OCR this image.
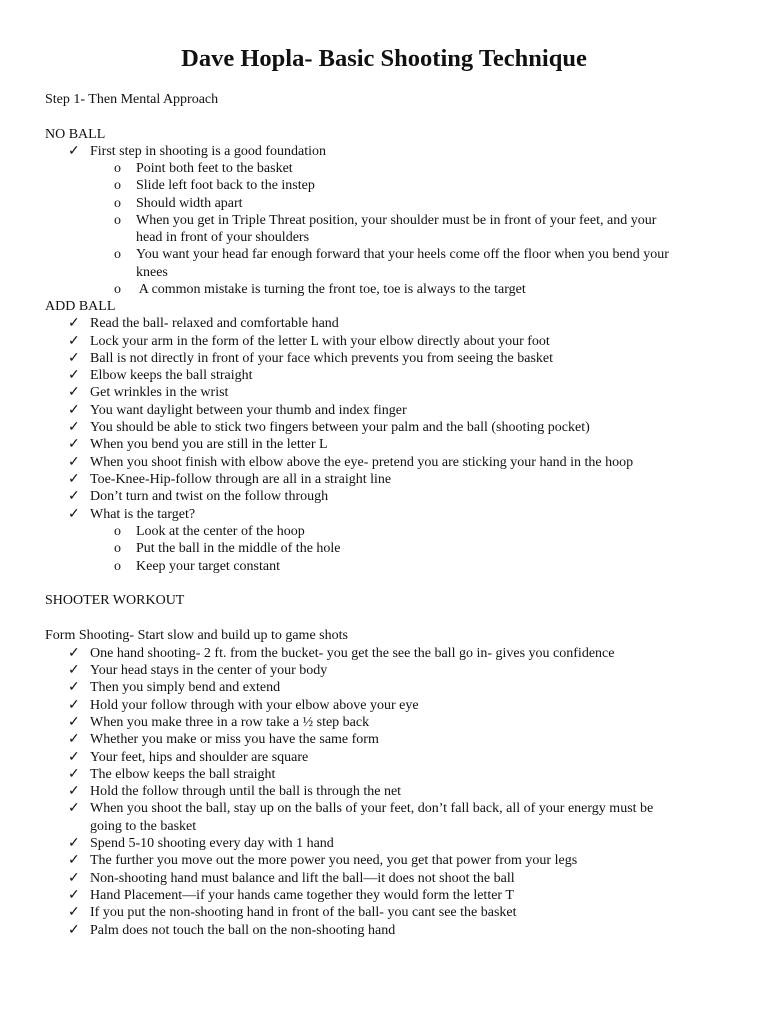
Dave Hopla- Basic Shooting Technique
Step 1- Then Mental Approach
NO BALL
✓ First step in shooting is a good foundation
o Point both feet to the basket
o Slide left foot back to the instep
o Should width apart
o When you get in Triple Threat position, your shoulder must be in front of your feet, and your
head in front of your shoulders
o You want your head far enough forward that your heels come off the floor when you bend your
knees
o A common mistake is turning the front toe, toe is always to the target
ADD BALL
✓ Read the ball- relaxed and comfortable hand
✓ Lock your arm in the form of the letter L with your elbow directly about your foot
✓ Ball is not directly in front of your face which prevents you from seeing the basket
✓ Elbow keeps the ball straight
✓ Get wrinkles in the wrist
✓ You want daylight between your thumb and index finger
✓ You should be able to stick two fingers between your palm and the ball (shooting pocket)
✓ When you bend you are still in the letter L
✓ When you shoot finish with elbow above the eye- pretend you are sticking your hand in the hoop
✓ Toe-Knee-Hip-follow through are all in a straight line
✓ Don’t turn and twist on the follow through
✓ What is the target?
o Look at the center of the hoop
o Put the ball in the middle of the hole
o Keep your target constant
SHOOTER WORKOUT
Form Shooting- Start slow and build up to game shots
✓ One hand shooting- 2 ft. from the bucket- you get the see the ball go in- gives you confidence
✓ Your head stays in the center of your body
✓ Then you simply bend and extend
✓ Hold your follow through with your elbow above your eye
✓ When you make three in a row take a ½ step back
✓ Whether you make or miss you have the same form
✓ Your feet, hips and shoulder are square
✓ The elbow keeps the ball straight
✓ Hold the follow through until the ball is through the net
✓ When you shoot the ball, stay up on the balls of your feet, don’t fall back, all of your energy must be
going to the basket
✓ Spend 5-10 shooting every day with 1 hand
✓ The further you move out the more power you need, you get that power from your legs
✓ Non-shooting hand must balance and lift the ball—it does not shoot the ball
✓ Hand Placement—if your hands came together they would form the letter T
✓ If you put the non-shooting hand in front of the ball- you cant see the basket
✓ Palm does not touch the ball on the non-shooting hand
